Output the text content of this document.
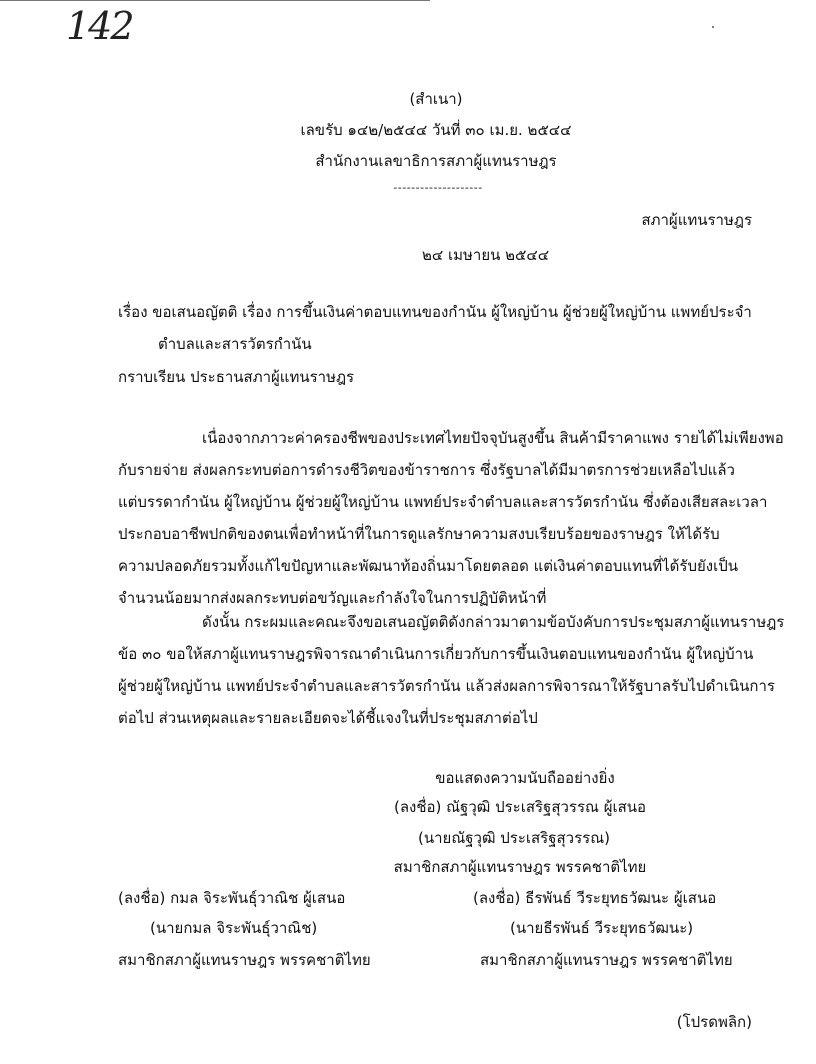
142
(สำเนา)
เลขรับ ๑๔๒/๒๕๔๔ วันที่ ๓๐ เม.ย. ๒๕๔๔
สำนักงานเลขาธิการสภาผู้แทนราษฎร
--------------------
สภาผู้แทนราษฎร
๒๔ เมษายน ๒๕๔๔
เรื่อง ขอเสนอญัตติ เรื่อง การขึ้นเงินค่าตอบแทนของกำนัน ผู้ใหญ่บ้าน ผู้ช่วยผู้ใหญ่บ้าน แพทย์ประจำ
ตำบลและสารวัตรกำนัน
กราบเรียน ประธานสภาผู้แทนราษฎร
เนื่องจากภาวะค่าครองชีพของประเทศไทยปัจจุบันสูงขึ้น สินค้ามีราคาแพง รายได้ไม่เพียงพอ
กับรายจ่าย ส่งผลกระทบต่อการดำรงชีวิตของข้าราชการ ซึ่งรัฐบาลได้มีมาตรการช่วยเหลือไปแล้ว
แต่บรรดากำนัน ผู้ใหญ่บ้าน ผู้ช่วยผู้ใหญ่บ้าน แพทย์ประจำตำบลและสารวัตรกำนัน ซึ่งต้องเสียสละเวลา
ประกอบอาชีพปกติของตนเพื่อทำหน้าที่ในการดูแลรักษาความสงบเรียบร้อยของราษฎร ให้ได้รับ
ความปลอดภัยรวมทั้งแก้ไขปัญหาและพัฒนาท้องถิ่นมาโดยตลอด แต่เงินค่าตอบแทนที่ได้รับยังเป็น
จำนวนน้อยมากส่งผลกระทบต่อขวัญและกำลังใจในการปฏิบัติหน้าที่
ดังนั้น กระผมและคณะจึงขอเสนอญัตติดังกล่าวมาตามข้อบังคับการประชุมสภาผู้แทนราษฎร
ข้อ ๓๐ ขอให้สภาผู้แทนราษฎรพิจารณาดำเนินการเกี่ยวกับการขึ้นเงินตอบแทนของกำนัน ผู้ใหญ่บ้าน
ผู้ช่วยผู้ใหญ่บ้าน แพทย์ประจำตำบลและสารวัตรกำนัน แล้วส่งผลการพิจารณาให้รัฐบาลรับไปดำเนินการ
ต่อไป ส่วนเหตุผลและรายละเอียดจะได้ชี้แจงในที่ประชุมสภาต่อไป
ขอแสดงความนับถืออย่างยิ่ง
(ลงชื่อ) ณัฐวุฒิ ประเสริฐสุวรรณ ผู้เสนอ
(นายณัฐวุฒิ ประเสริฐสุวรรณ)
สมาชิกสภาผู้แทนราษฎร พรรคชาติไทย
(ลงชื่อ) กมล จิระพันธุ์วาณิช ผู้เสนอ
(นายกมล จิระพันธุ์วาณิช)
สมาชิกสภาผู้แทนราษฎร พรรคชาติไทย
(ลงชื่อ) ธีรพันธ์ วีระยุทธวัฒนะ ผู้เสนอ
(นายธีรพันธ์ วีระยุทธวัฒนะ)
สมาชิกสภาผู้แทนราษฎร พรรคชาติไทย
(โปรดพลิก)
